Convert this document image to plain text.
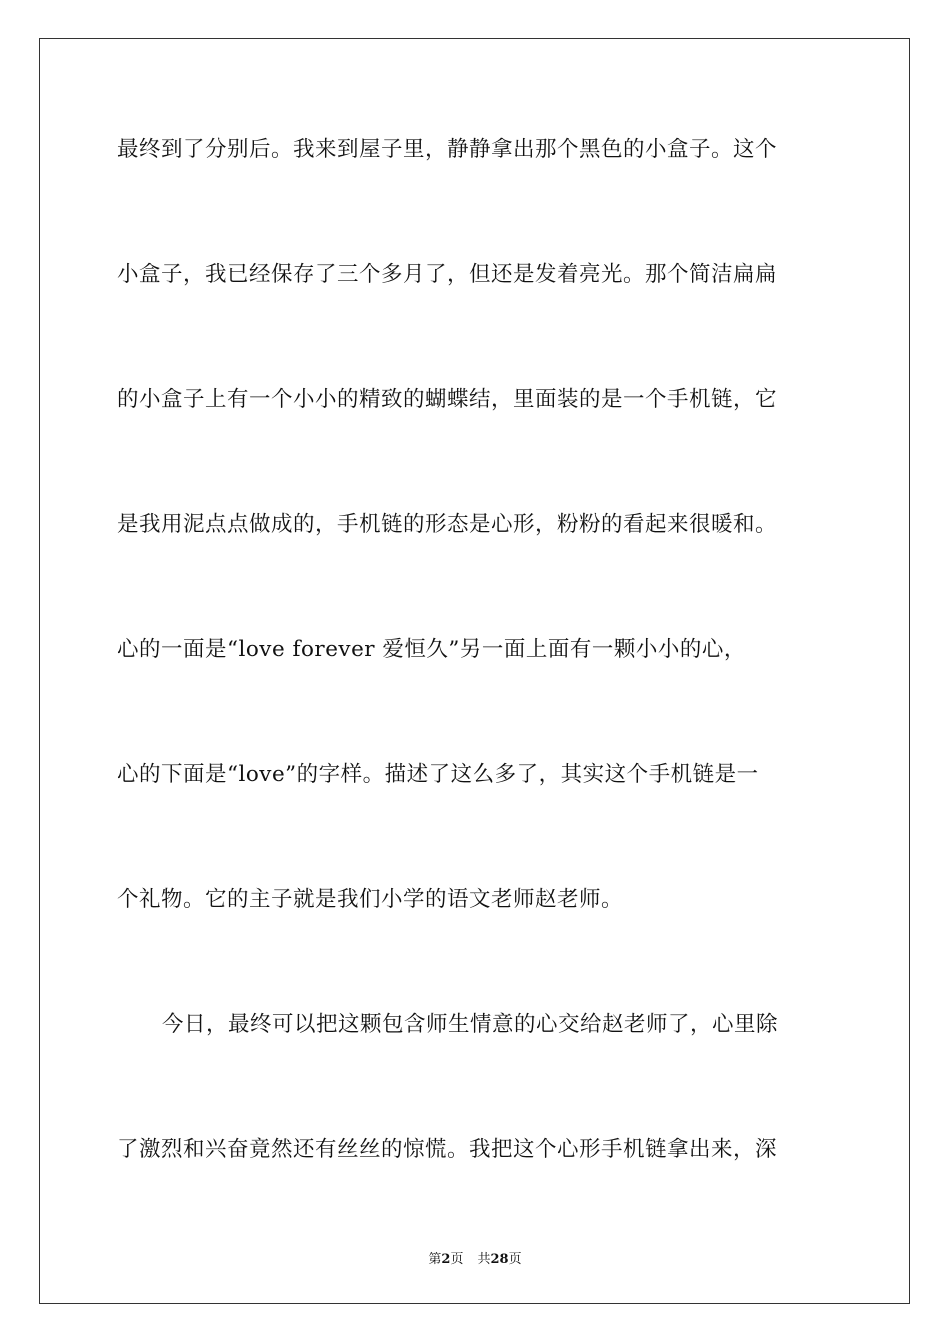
最终到了分别后。我来到屋子里，静静拿出那个黑色的小盒子。这个
小盒子，我已经保存了三个多月了，但还是发着亮光。那个简洁扁扁
的小盒子上有一个小小的精致的蝴蝶结，里面装的是一个手机链，它
是我用泥点点做成的，手机链的形态是心形，粉粉的看起来很暖和。
心的一面是“love forever 爱恒久”另一面上面有一颗小小的心，
心的下面是“love”的字样。描述了这么多了，其实这个手机链是一
个礼物。它的主子就是我们小学的语文老师赵老师。
今日，最终可以把这颗包含师生情意的心交给赵老师了，心里除
了激烈和兴奋竟然还有丝丝的惊慌。我把这个心形手机链拿出来，深
第2页 共28页
